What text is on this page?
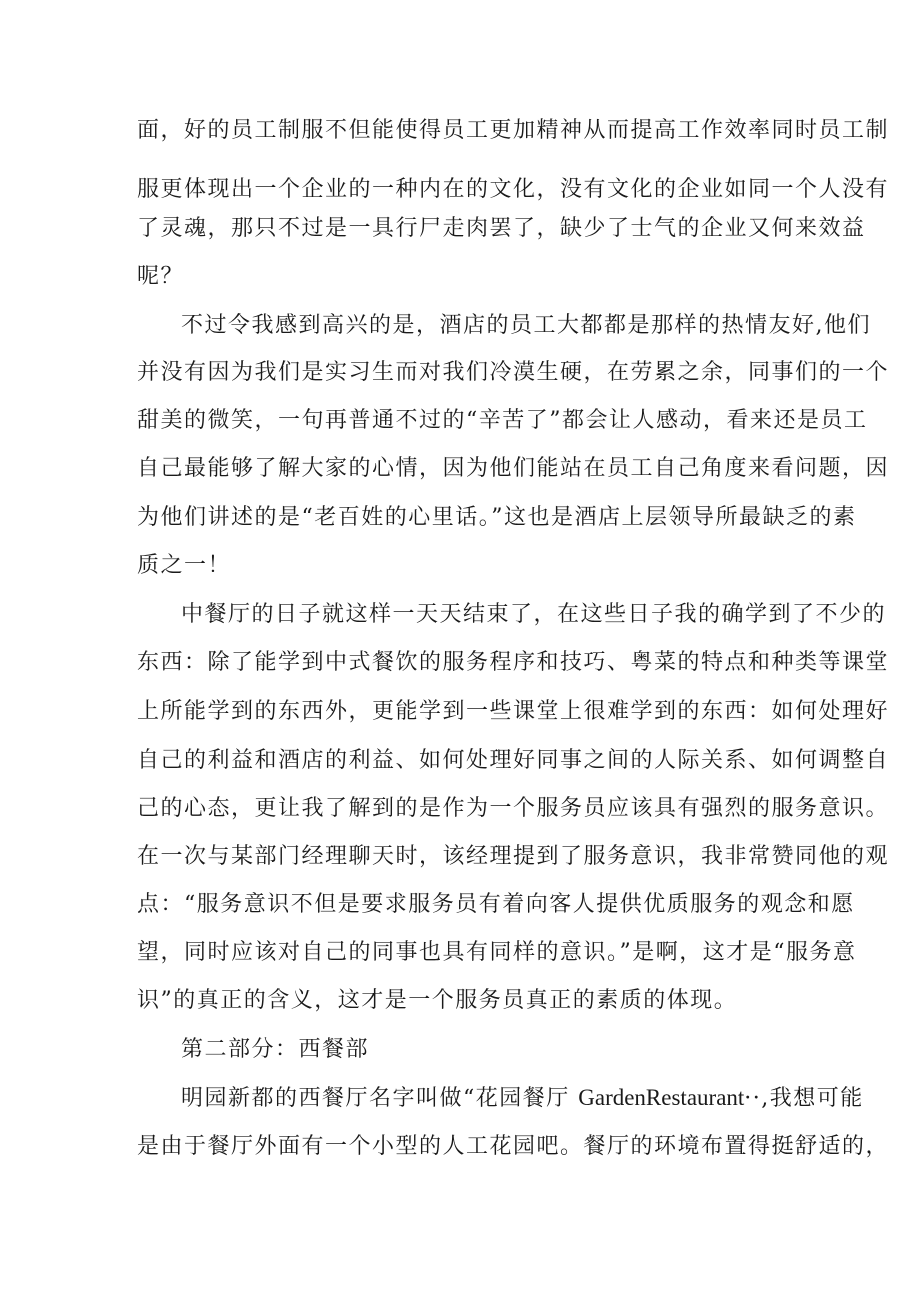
面，好的员工制服不但能使得员工更加精神从而提高工作效率同时员工制
服更体现出一个企业的一种内在的文化，没有文化的企业如同一个人没有
了灵魂，那只不过是一具行尸走肉罢了，缺少了士气的企业又何来效益
呢？
不过令我感到高兴的是，酒店的员工大都都是那样的热情友好,他们
并没有因为我们是实习生而对我们冷漠生硬，在劳累之余，同事们的一个
甜美的微笑，一句再普通不过的“辛苦了”都会让人感动，看来还是员工
自己最能够了解大家的心情，因为他们能站在员工自己角度来看问题，因
为他们讲述的是“老百姓的心里话。”这也是酒店上层领导所最缺乏的素
质之一！
中餐厅的日子就这样一天天结束了，在这些日子我的确学到了不少的
东西：除了能学到中式餐饮的服务程序和技巧、粤菜的特点和种类等课堂
上所能学到的东西外，更能学到一些课堂上很难学到的东西：如何处理好
自己的利益和酒店的利益、如何处理好同事之间的人际关系、如何调整自
己的心态，更让我了解到的是作为一个服务员应该具有强烈的服务意识。
在一次与某部门经理聊天时，该经理提到了服务意识，我非常赞同他的观
点：“服务意识不但是要求服务员有着向客人提供优质服务的观念和愿
望，同时应该对自己的同事也具有同样的意识。”是啊，这才是“服务意
识”的真正的含义，这才是一个服务员真正的素质的体现。
第二部分：西餐部
明园新都的西餐厅名字叫做“花园餐厅 GardenRestaurant··,我想可能
是由于餐厅外面有一个小型的人工花园吧。餐厅的环境布置得挺舒适的，
